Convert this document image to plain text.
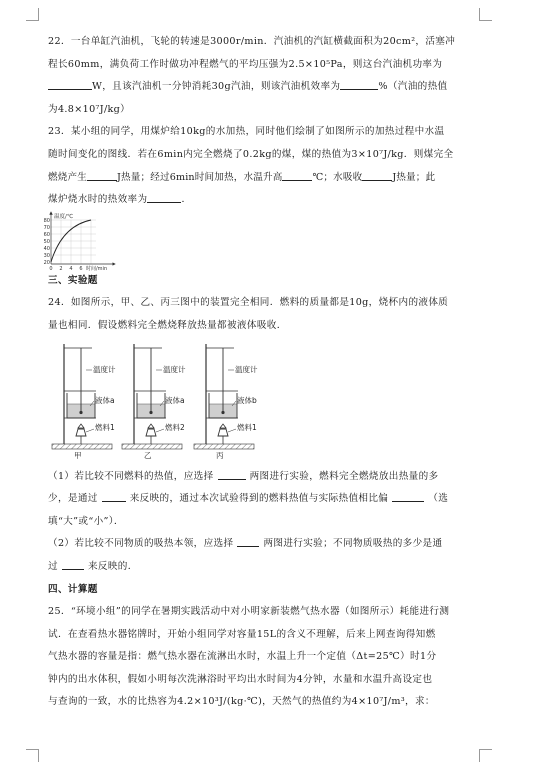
22．一台单缸汽油机，飞轮的转速是3000r/min．汽油机的汽缸横截面积为20cm²，活塞冲
程长60mm，满负荷工作时做功冲程燃气的平均压强为2.5×10⁵Pa，则这台汽油机功率为
W，且该汽油机一分钟消耗30g汽油，则该汽油机效率为	%（汽油的热值
为4.8×10⁷J/kg）
23．某小组的同学，用煤炉给10kg的水加热，同时他们绘制了如图所示的加热过程中水温
随时间变化的图线．若在6min内完全燃烧了0.2kg的煤，煤的热值为3×10⁷J/kg．则煤完全
燃烧产生	J热量；经过6min时间加热，水温升高	℃；水吸收	J热量；此
煤炉烧水时的热效率为	．
温度/℃
80
70
60
50
40
30
20
0 2 4 6 时间/min
三、实验题
24．如图所示，甲、乙、丙三图中的装置完全相同．燃料的质量都是10g，烧杯内的液体质
量也相同．假设燃料完全燃烧释放热量都被液体吸收．
温度计
液体a
燃料1
甲
温度计
液体a
燃料2
乙
温度计
液体b
燃料1
丙
（1）若比较不同燃料的热值，应选择	两图进行实验，燃料完全燃烧放出热量的多
少，是通过	来反映的，通过本次试验得到的燃料热值与实际热值相比偏	（选
填“大”或“小”）．
（2）若比较不同物质的吸热本领，应选择	两图进行实验；不同物质吸热的多少是通
过	来反映的．
四、计算题
25．“环境小组”的同学在暑期实践活动中对小明家新装燃气热水器（如图所示）耗能进行测
试．在查看热水器铭牌时，开始小组同学对容量15L的含义不理解，后来上网查询得知燃
气热水器的容量是指：燃气热水器在流淋出水时，水温上升一个定值（Δt=25℃）时1分
钟内的出水体积，假如小明每次洗淋浴时平均出水时间为4分钟，水量和水温升高设定也
与查询的一致，水的比热容为4.2×10³J/(kg·℃)，天然气的热值约为4×10⁷J/m³，求：
